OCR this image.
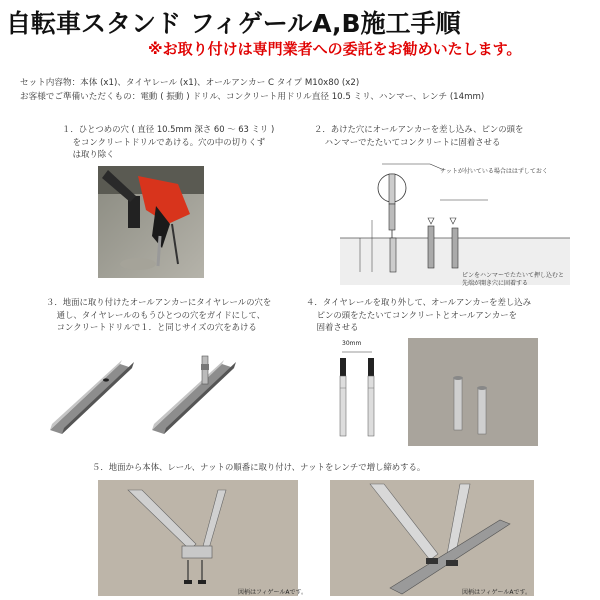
自転車スタンド フィゲールA,B施工手順
※お取り付けは専門業者への委託をお勧めいたします。
セット内容物：本体 (x1)、タイヤレール (x1)、オールアンカー C タイプ M10x80 (x2)
お客様でご準備いただくもの：電動 ( 振動 ) ドリル、コンクリート用ドリル直径 10.5 ミリ、ハンマー、レンチ (14mm)
１．ひとつめの穴 ( 直径 10.5mm 深さ 60 ～ 63 ミリ )
をコンクリートドリルであける。穴の中の切りくず
は取り除く
２．あけた穴にオールアンカーを差し込み、ピンの頭を
ハンマーでたたいてコンクリートに固着させる
ナットが付いている場合ははずしておく
ピンをハンマーでたたいて押し込むと
先端が開き穴に固着する
３．地面に取り付けたオールアンカーにタイヤレールの穴を
通し、タイヤレールのもうひとつの穴をガイドにして、
コンクリートドリルで１．と同じサイズの穴をあける
４．タイヤレールを取り外して、オールアンカーを差し込み
ピンの頭をたたいてコンクリートとオールアンカーを
固着させる
30mm
５．地面から本体、レール、ナットの順番に取り付け、ナットをレンチで増し締めする。
図柄はフィゲールAです。	図柄はフィゲールAです。
